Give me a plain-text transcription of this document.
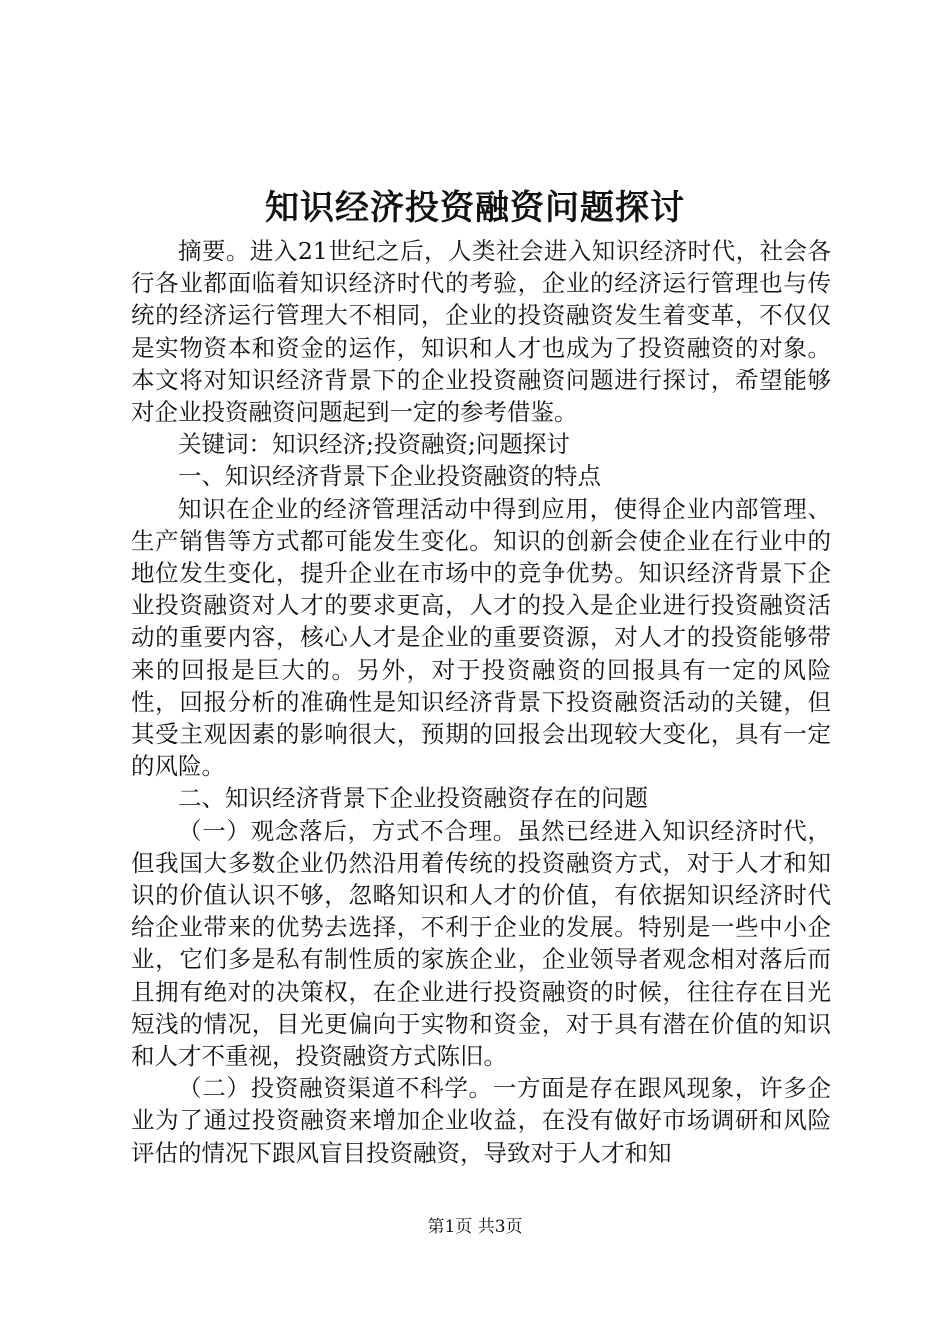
知识经济投资融资问题探讨

摘要。进入21世纪之后，人类社会进入知识经济时代，社会各行各业都面临着知识经济时代的考验，企业的经济运行管理也与传统的经济运行管理大不相同，企业的投资融资发生着变革，不仅仅是实物资本和资金的运作，知识和人才也成为了投资融资的对象。本文将对知识经济背景下的企业投资融资问题进行探讨，希望能够对企业投资融资问题起到一定的参考借鉴。

关键词：知识经济;投资融资;问题探讨

一、知识经济背景下企业投资融资的特点

知识在企业的经济管理活动中得到应用，使得企业内部管理、生产销售等方式都可能发生变化。知识的创新会使企业在行业中的地位发生变化，提升企业在市场中的竞争优势。知识经济背景下企业投资融资对人才的要求更高，人才的投入是企业进行投资融资活动的重要内容，核心人才是企业的重要资源，对人才的投资能够带来的回报是巨大的。另外，对于投资融资的回报具有一定的风险性，回报分析的准确性是知识经济背景下投资融资活动的关键，但其受主观因素的影响很大，预期的回报会出现较大变化，具有一定的风险。

二、知识经济背景下企业投资融资存在的问题

（一）观念落后，方式不合理。虽然已经进入知识经济时代，但我国大多数企业仍然沿用着传统的投资融资方式，对于人才和知识的价值认识不够，忽略知识和人才的价值，有依据知识经济时代给企业带来的优势去选择，不利于企业的发展。特别是一些中小企业，它们多是私有制性质的家族企业，企业领导者观念相对落后而且拥有绝对的决策权，在企业进行投资融资的时候，往往存在目光短浅的情况，目光更偏向于实物和资金，对于具有潜在价值的知识和人才不重视，投资融资方式陈旧。

（二）投资融资渠道不科学。一方面是存在跟风现象，许多企业为了通过投资融资来增加企业收益，在没有做好市场调研和风险评估的情况下跟风盲目投资融资，导致对于人才和知

第1页 共3页
